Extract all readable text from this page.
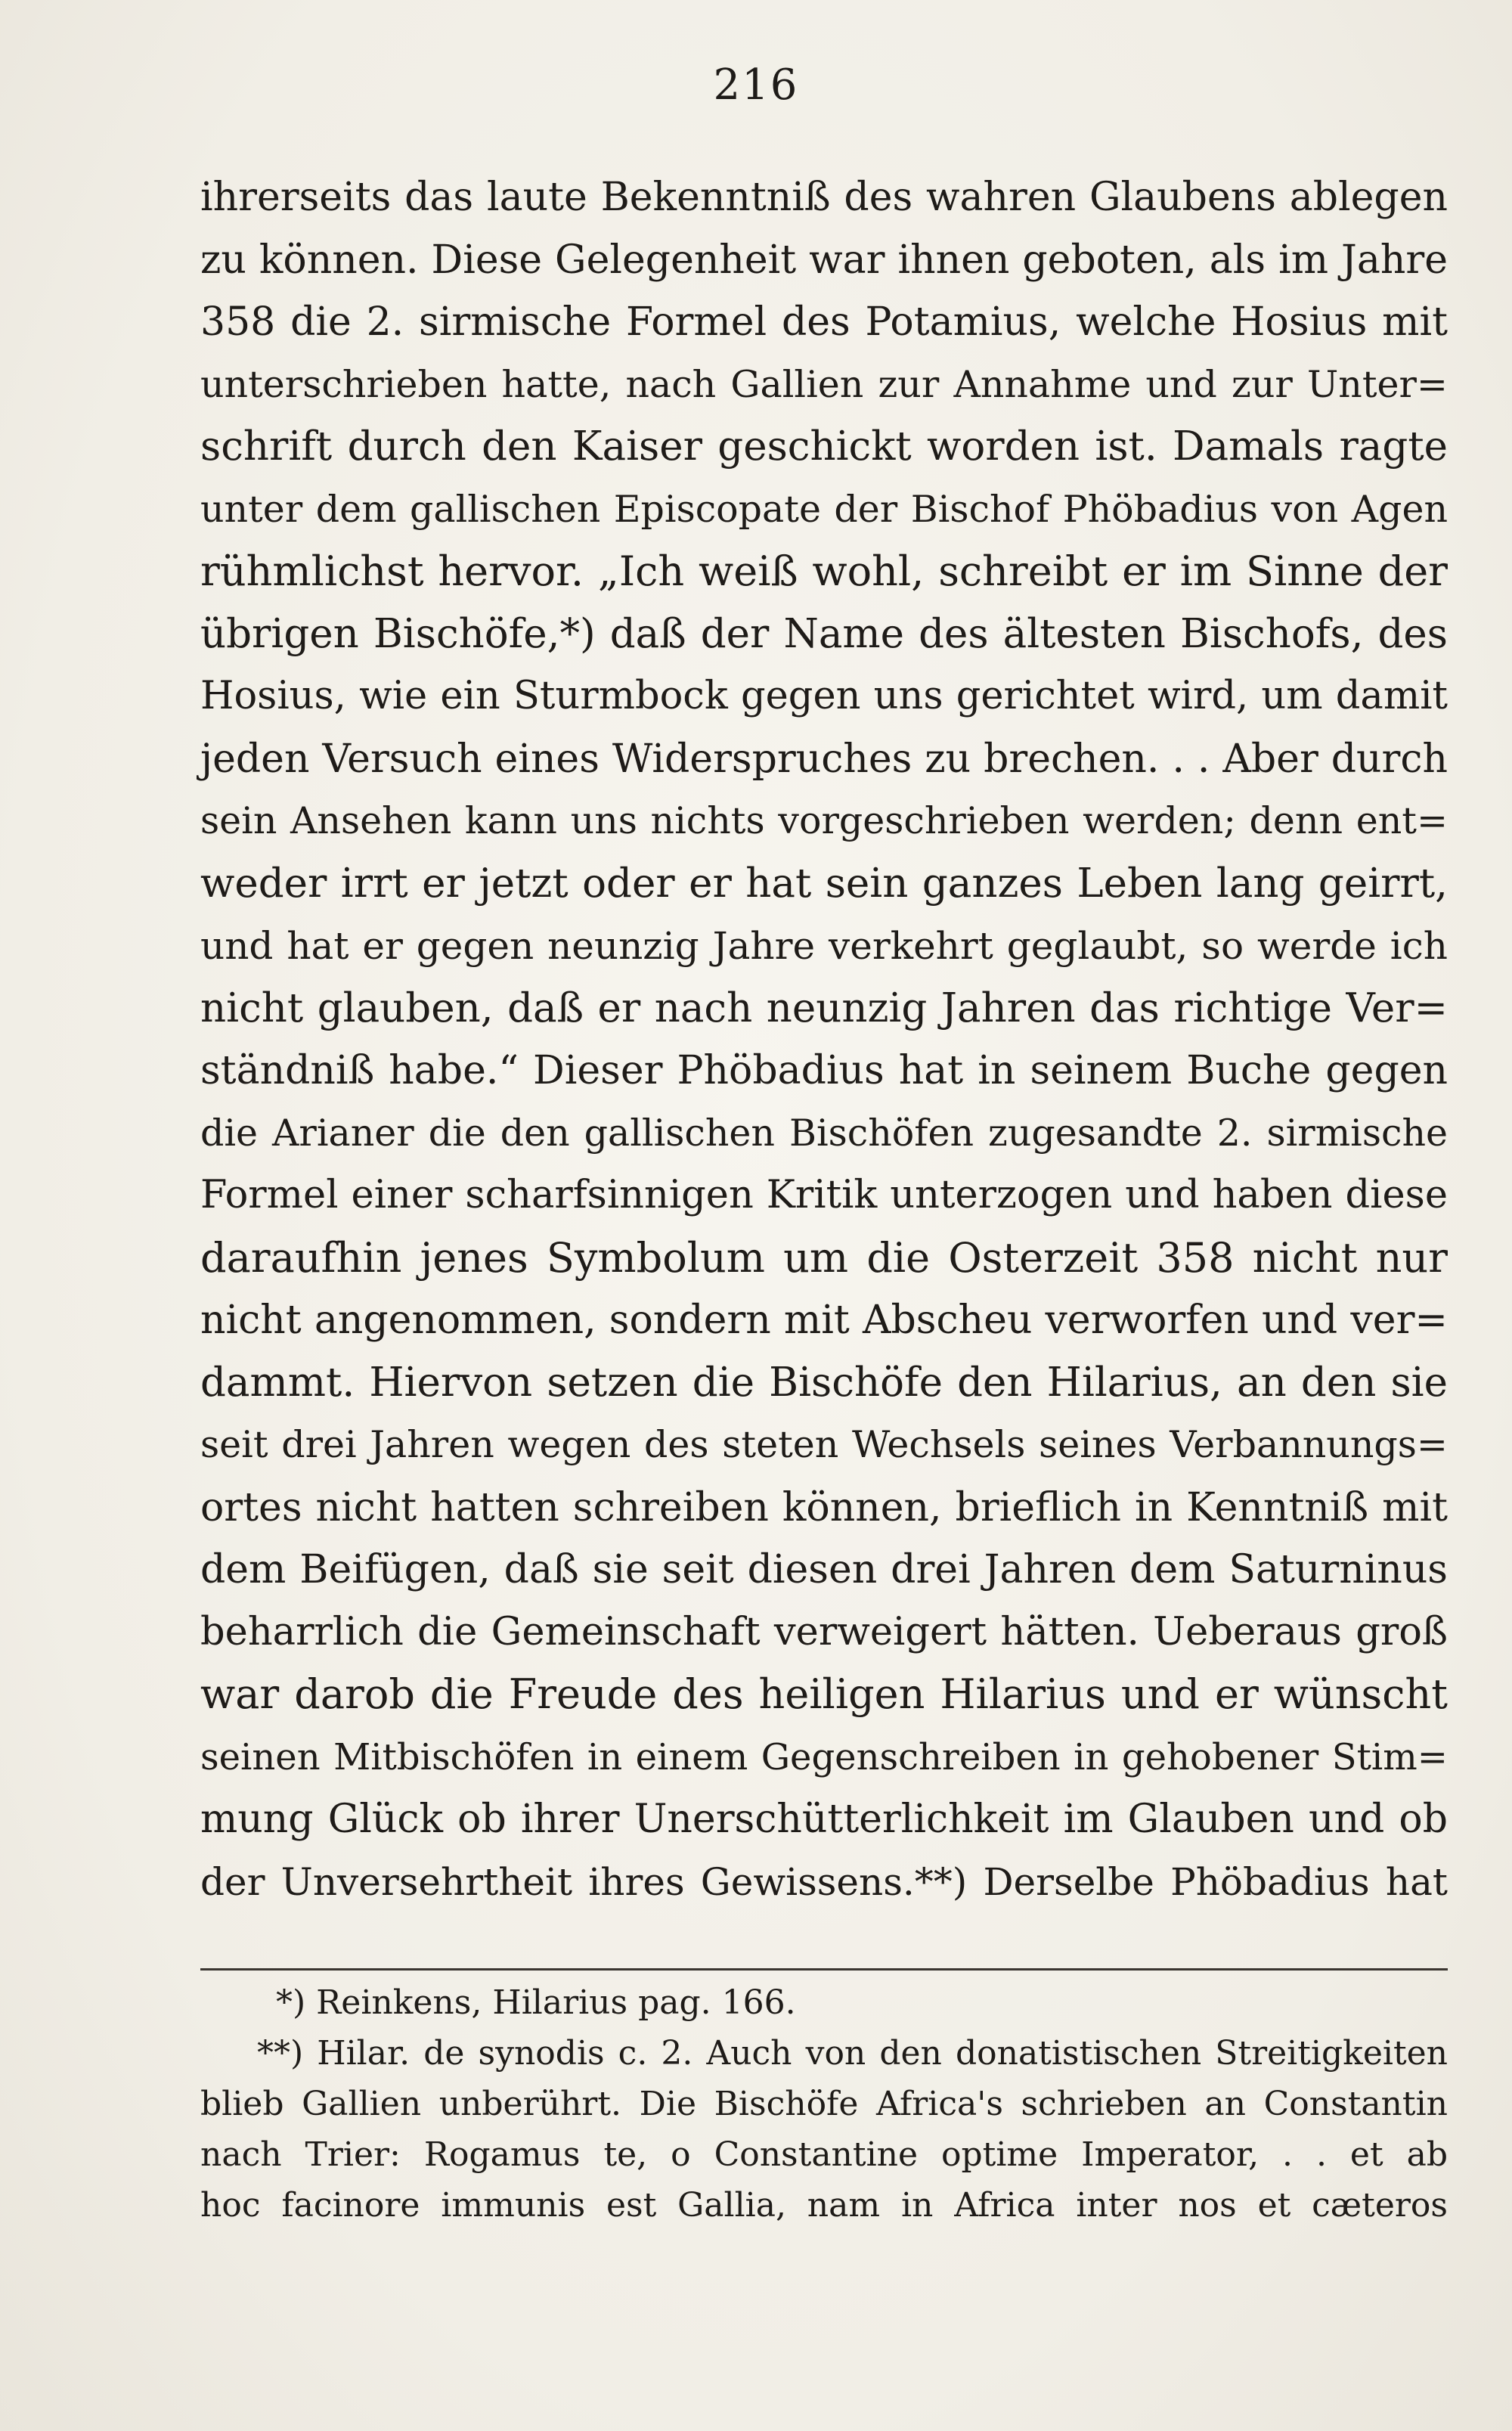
216
ihrerseits das laute Bekenntniß des wahren Glaubens ablegen
zu können. Diese Gelegenheit war ihnen geboten, als im Jahre
358 die 2. sirmische Formel des Potamius, welche Hosius mit
unterschrieben hatte, nach Gallien zur Annahme und zur Unter=
schrift durch den Kaiser geschickt worden ist. Damals ragte
unter dem gallischen Episcopate der Bischof Phöbadius von Agen
rühmlichst hervor. „Ich weiß wohl, schreibt er im Sinne der
übrigen Bischöfe,*) daß der Name des ältesten Bischofs, des
Hosius, wie ein Sturmbock gegen uns gerichtet wird, um damit
jeden Versuch eines Widerspruches zu brechen. . . Aber durch
sein Ansehen kann uns nichts vorgeschrieben werden; denn ent=
weder irrt er jetzt oder er hat sein ganzes Leben lang geirrt,
und hat er gegen neunzig Jahre verkehrt geglaubt, so werde ich
nicht glauben, daß er nach neunzig Jahren das richtige Ver=
ständniß habe.“ Dieser Phöbadius hat in seinem Buche gegen
die Arianer die den gallischen Bischöfen zugesandte 2. sirmische
Formel einer scharfsinnigen Kritik unterzogen und haben diese
daraufhin jenes Symbolum um die Osterzeit 358 nicht nur
nicht angenommen, sondern mit Abscheu verworfen und ver=
dammt. Hiervon setzen die Bischöfe den Hilarius, an den sie
seit drei Jahren wegen des steten Wechsels seines Verbannungs=
ortes nicht hatten schreiben können, brieflich in Kenntniß mit
dem Beifügen, daß sie seit diesen drei Jahren dem Saturninus
beharrlich die Gemeinschaft verweigert hätten. Ueberaus groß
war darob die Freude des heiligen Hilarius und er wünscht
seinen Mitbischöfen in einem Gegenschreiben in gehobener Stim=
mung Glück ob ihrer Unerschütterlichkeit im Glauben und ob
der Unversehrtheit ihres Gewissens.**) Derselbe Phöbadius hat
*) Reinkens, Hilarius pag. 166.
**) Hilar. de synodis c. 2. Auch von den donatistischen Streitigkeiten
blieb Gallien unberührt. Die Bischöfe Africa's schrieben an Constantin
nach Trier: Rogamus te, o Constantine optime Imperator, . . et ab
hoc facinore immunis est Gallia, nam in Africa inter nos et cæteros
